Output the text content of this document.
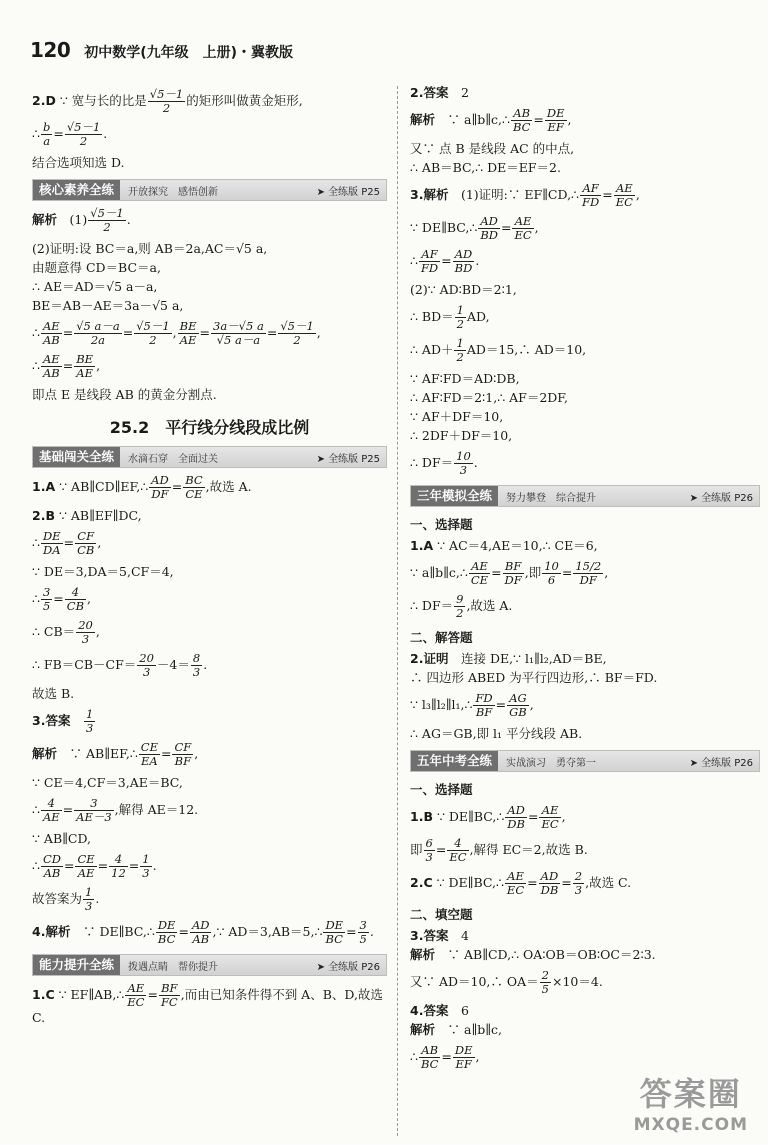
120 初中数学(九年级　上册)・冀教版
2.D ∵ 宽与长的比是 $\frac{√5-1}{2}$ 的矩形叫做黄金矩形,
∴ $\frac{b}{a} = \frac{√5-1}{2}$ .
结合选项知选 D.
核心素养全练	开放探究　感悟创新	➤ 全练版 P25
解析　 $(1) \frac{√5-1}{2}$ .
(2)证明:设 BC＝a,则 AB＝2a,AC＝√5 a,
由题意得 CD＝BC＝a,
∴ AE＝AD＝√5 a－a,
BE＝AB－AE＝3a－√5 a,
∴ $\frac{AE}{AB} = \frac{√5 a-a}{2a} = \frac{√5-1}{2}$ , $\frac{BE}{AE} = \frac{3a-√5 a}{√5 a-a} = \frac{√5-1}{2}$ ,
∴ $\frac{AE}{AB} = \frac{BE}{AE}$ ,
即点 E 是线段 AB 的黄金分割点.
25.2　平行线分线段成比例
基础闯关全练	水滴石穿　全面过关	➤ 全练版 P25
1.A ∵ AB∥CD∥EF,∴ $\frac{AD}{DF} = \frac{BC}{CE}$ ,故选 A.
2.B ∵ AB∥EF∥DC,
∴ $\frac{DE}{DA} = \frac{CF}{CB}$ ,
∵ DE＝3,DA＝5,CF＝4,
∴ $\frac{3}{5} = \frac{4}{CB}$ ,
∴ $CB= \frac{20}{3}$ ,
∴ $FB=CB-CF= \frac{20}{3} -4= \frac{8}{3}$ .
故选 B.
3.答案　 $\frac{1}{3}$
解析　 ∵ AB∥EF,∴ $\frac{CE}{EA} = \frac{CF}{BF}$ ,
∵ CE＝4,CF＝3,AE＝BC,
∴ $\frac{4}{AE} = \frac{3}{AE-3}$ ,解得 AE＝12.
∵ AB∥CD,
∴ $\frac{CD}{AB} = \frac{CE}{AE} = \frac{4}{12} = \frac{1}{3}$ .
故答案为 $\frac{1}{3}$ .
4.解析　 ∵ DE∥BC,∴ $\frac{DE}{BC} = \frac{AD}{AB}$ ,∵ AD＝3,AB＝5,∴ $\frac{DE}{BC} = \frac{3}{5}$ .
能力提升全练	拨遇点睛　帮你提升	➤ 全练版 P26
1.C ∵ EF∥AB,∴ $\frac{AE}{EC} = \frac{BF}{FC}$ ,而由已知条件得不到 A、B、D,故选 C.
2.答案　 2
解析　 ∵ a∥b∥c,∴ $\frac{AB}{BC} = \frac{DE}{EF}$ ,
又∵ 点 B 是线段 AC 的中点,
∴ AB＝BC,∴ DE＝EF＝2.
3.解析　 (1)证明:∵ EF∥CD,∴ $\frac{AF}{FD} = \frac{AE}{EC}$ ,
∵ DE∥BC,∴ $\frac{AD}{BD} = \frac{AE}{EC}$ ,
∴ $\frac{AF}{FD} = \frac{AD}{BD}$ .
(2)∵ AD∶BD＝2∶1,
∴ $BD= \frac{1}{2}$ AD,
∴ $AD+ \frac{1}{2}$ AD＝15,∴ AD＝10,
∵ AF∶FD＝AD∶DB,
∴ AF∶FD＝2∶1,∴ AF＝2DF,
∵ AF＋DF＝10,
∴ 2DF＋DF＝10,
∴ $DF= \frac{10}{3}$ .
三年模拟全练	努力攀登　综合提升	➤ 全练版 P26
一、选择题
1.A ∵ AC＝4,AE＝10,∴ CE＝6,
∵ a∥b∥c,∴ $\frac{AE}{CE} = \frac{BF}{DF}$ ,即 $\frac{10}{6} = \frac{15/2}{DF}$ ,
∴ $DF= \frac{9}{2}$ ,故选 A.
二、解答题
2.证明　 连接 DE,∵ l₁∥l₂,AD＝BE,
∴ 四边形 ABED 为平行四边形,∴ BF＝FD.
∵ l₃∥l₂∥l₁,∴ $\frac{FD}{BF} = \frac{AG}{GB}$ ,
∴ AG＝GB,即 l₁ 平分线段 AB.
五年中考全练	实战演习　勇夺第一	➤ 全练版 P26
一、选择题
1.B ∵ DE∥BC,∴ $\frac{AD}{DB} = \frac{AE}{EC}$ ,
即 $\frac{6}{3} = \frac{4}{EC}$ ,解得 EC＝2,故选 B.
2.C ∵ DE∥BC,∴ $\frac{AE}{EC} = \frac{AD}{DB} = \frac{2}{3}$ ,故选 C.
二、填空题
3.答案　 4
解析　 ∵ AB∥CD,∴ OA∶OB＝OB∶OC＝2∶3.
又∵ AD＝10,∴ $OA= \frac{2}{5} \times 10=4$.
4.答案　 6
解析　 ∵ a∥b∥c,
∴ $\frac{AB}{BC} = \frac{DE}{EF}$ ,
答案圈
MXQE.COM
